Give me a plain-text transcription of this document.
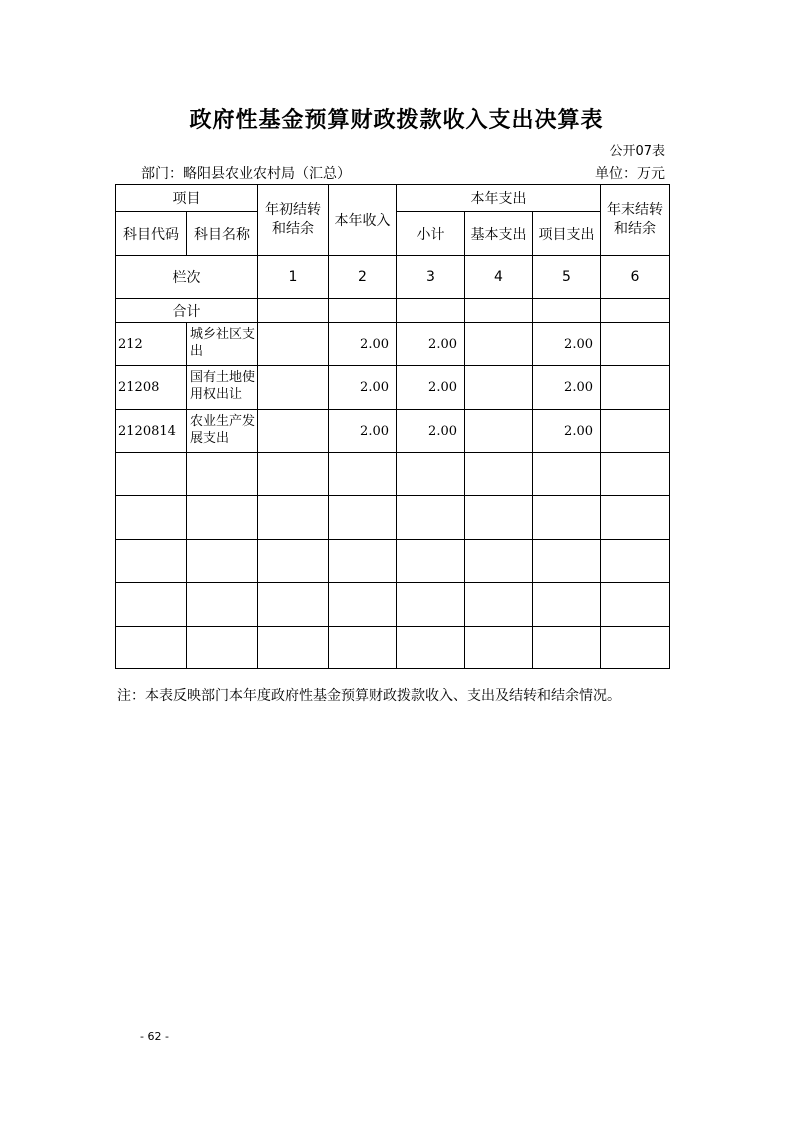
政府性基金预算财政拨款收入支出决算表
公开07表
部门：略阳县农业农村局（汇总）	单位：万元
项目		年初结转和结余	本年收入	本年支出			年末结转和结余

科目代码	科目名称			小计	基本支出	项目支出	
栏次		1	2	3	4	5	6
合计							
212	城乡社区支出		2.00	2.00		2.00	
21208	国有土地使用权出让		2.00	2.00		2.00	
2120814	农业生产发展支出		2.00	2.00		2.00	

注：本表反映部门本年度政府性基金预算财政拨款收入、支出及结转和结余情况。
- 62 -
